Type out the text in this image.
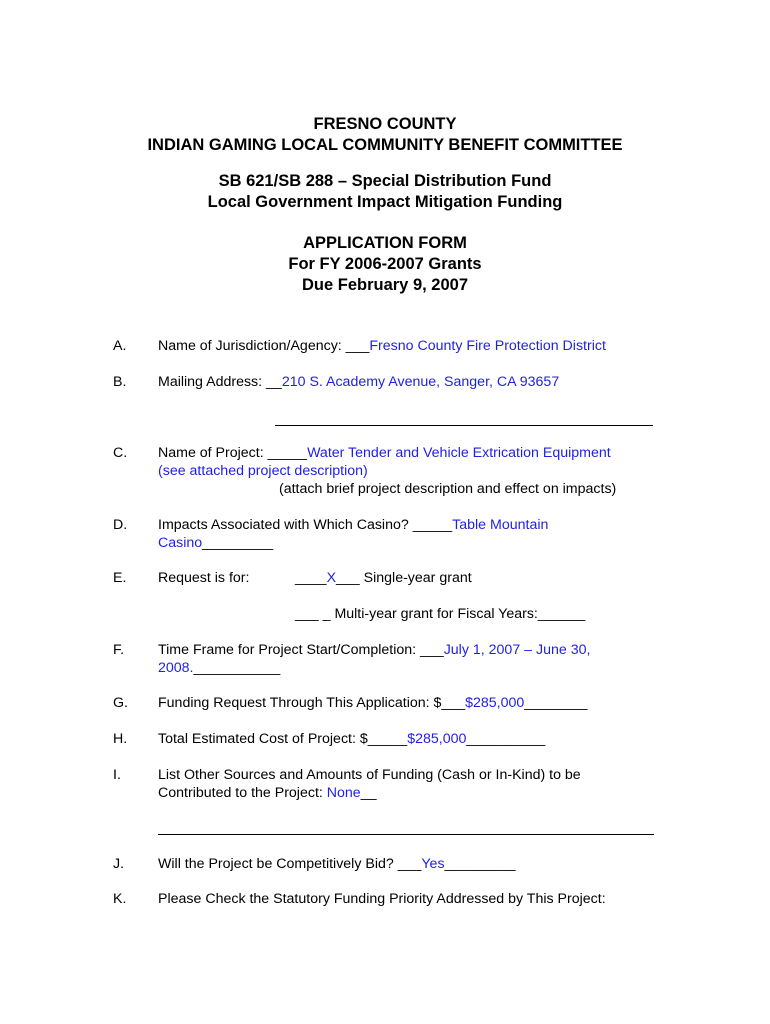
FRESNO COUNTY
INDIAN GAMING LOCAL COMMUNITY BENEFIT COMMITTEE
SB 621/SB 288 – Special Distribution Fund
Local Government Impact Mitigation Funding
APPLICATION FORM
For FY 2006-2007 Grants
Due February 9, 2007
A. Name of Jurisdiction/Agency: ___Fresno County Fire Protection District
B. Mailing Address: __210 S. Academy Avenue, Sanger, CA 93657
C. Name of Project: _____Water Tender and Vehicle Extrication Equipment
(see attached project description)
(attach brief project description and effect on impacts)
D. Impacts Associated with Which Casino? _____Table Mountain
Casino_________
E. Request is for:	____X___ Single-year grant
___ _ Multi-year grant for Fiscal Years:______
F. Time Frame for Project Start/Completion: ___July 1, 2007 – June 30,
2008.___________
G. Funding Request Through This Application: $___$285,000________
H. Total Estimated Cost of Project: $_____$285,000__________
I.	List Other Sources and Amounts of Funding (Cash or In-Kind) to be
Contributed to the Project: None__
J. Will the Project be Competitively Bid? ___Yes_________
K. Please Check the Statutory Funding Priority Addressed by This Project:
